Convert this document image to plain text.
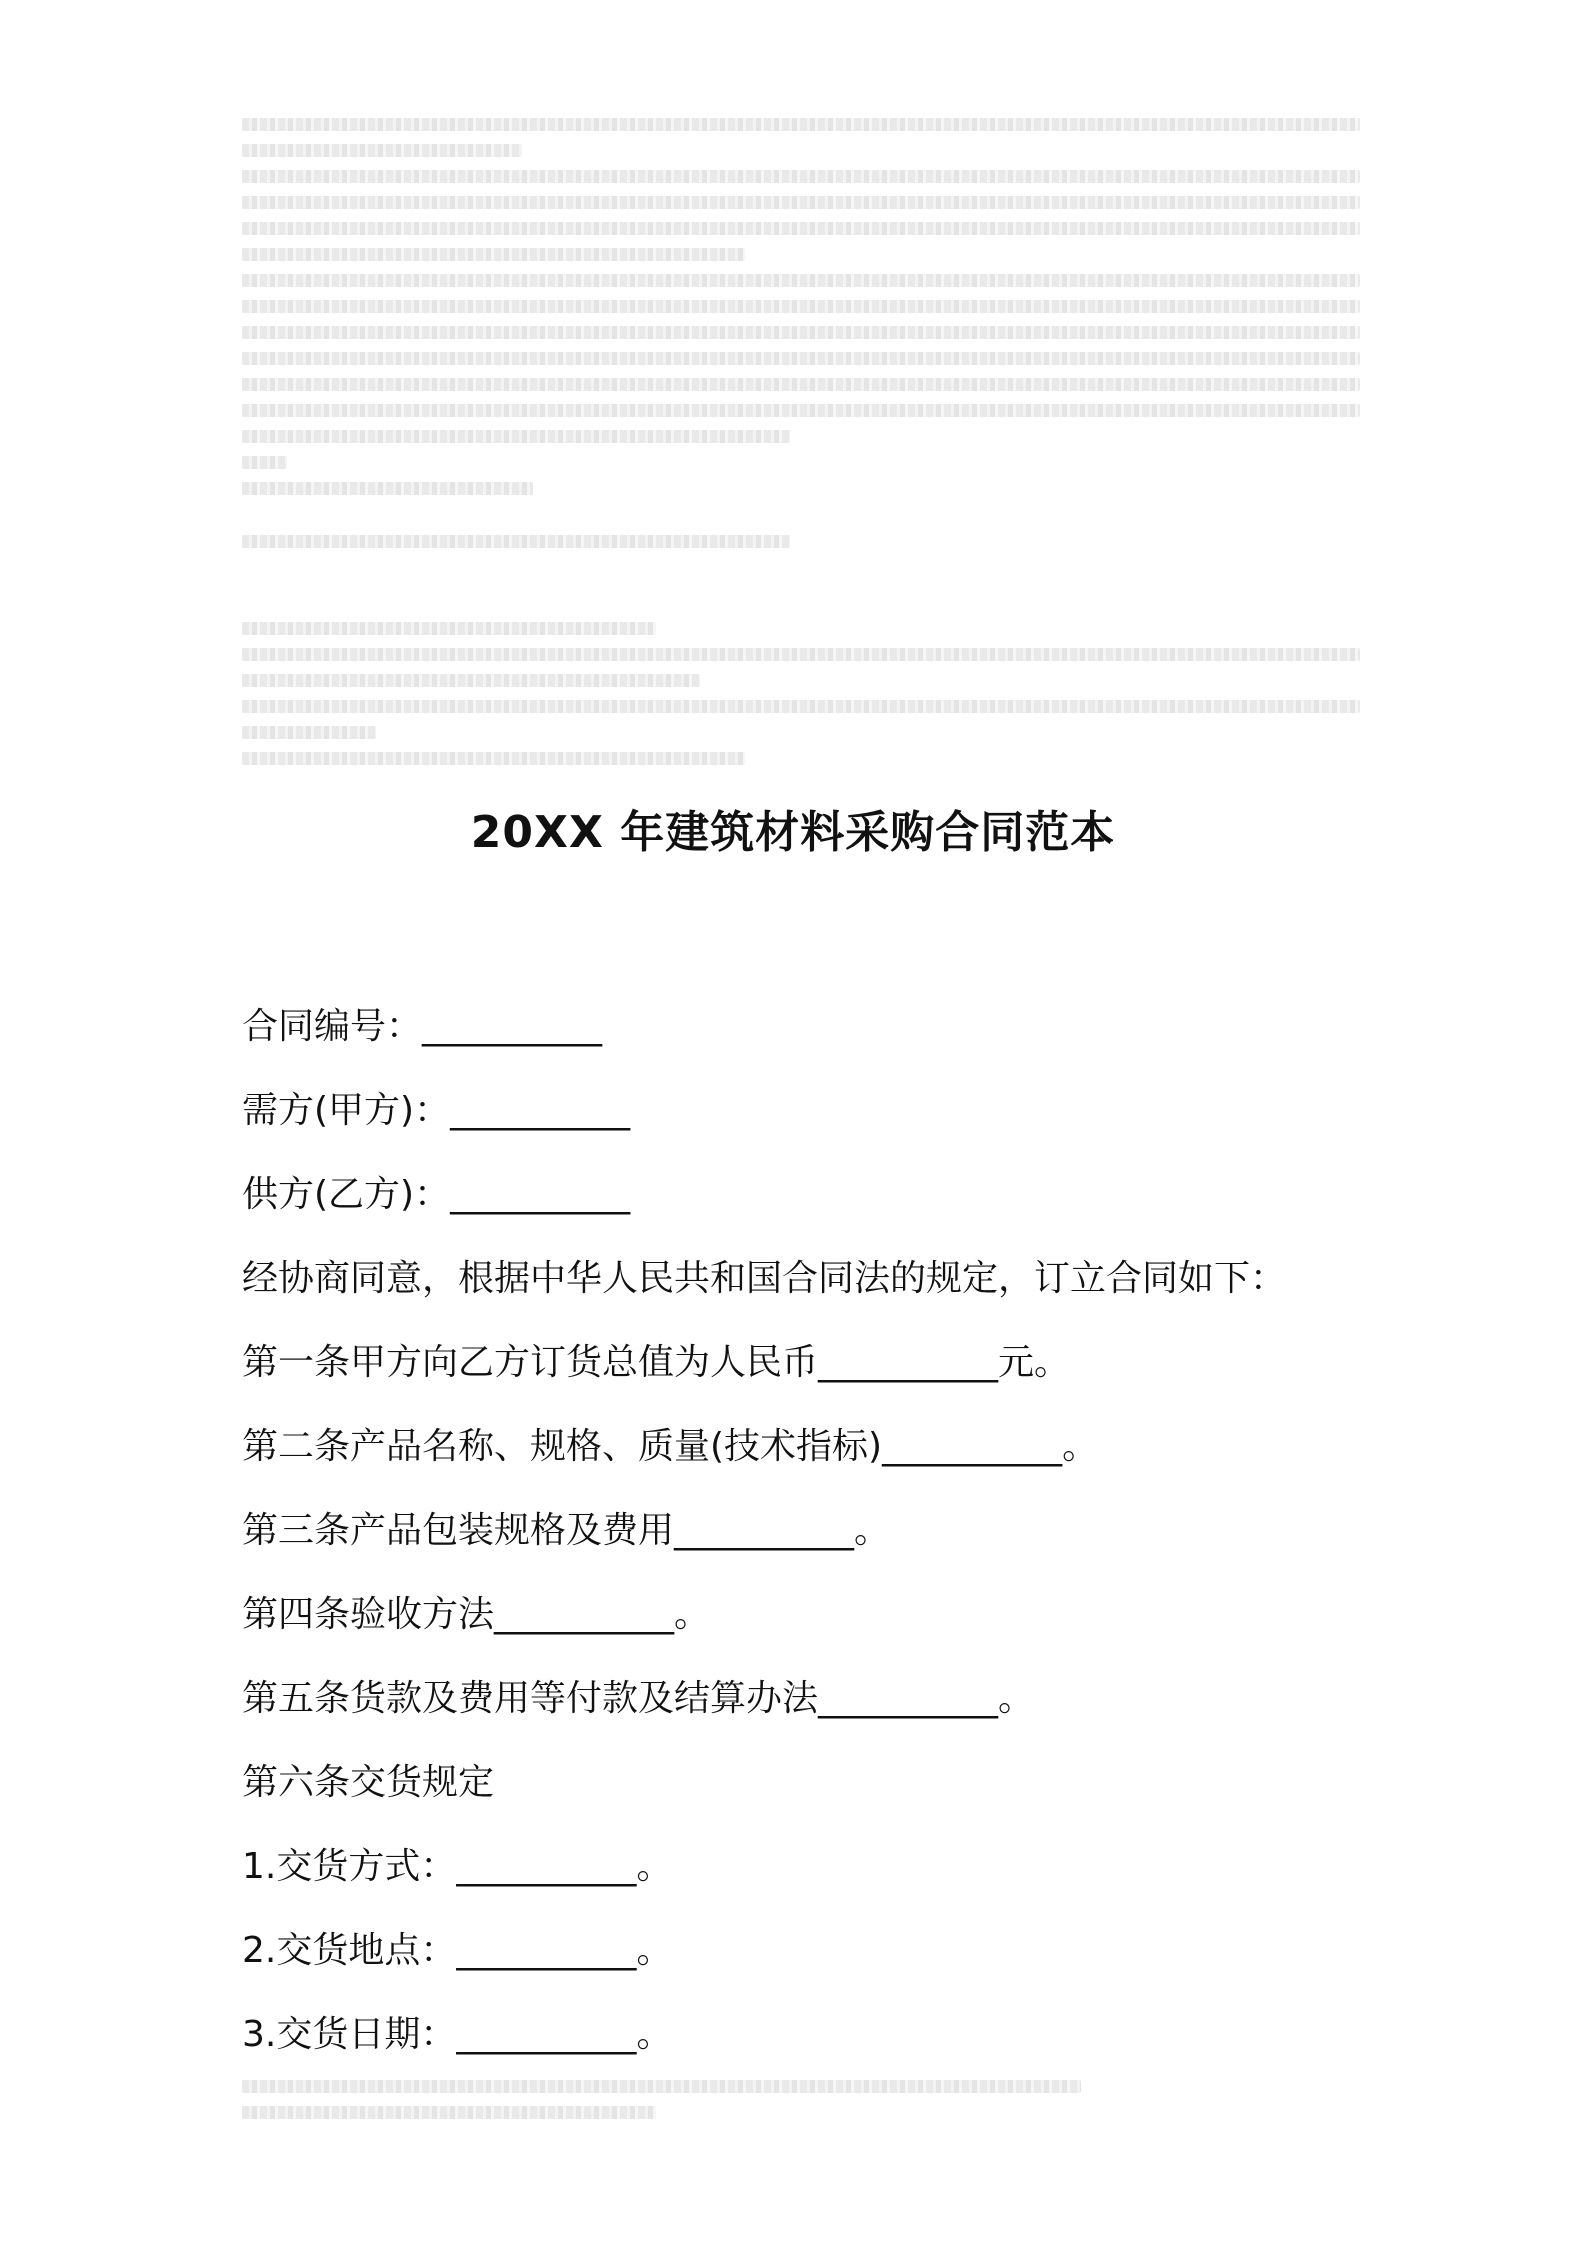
20XX 年建筑材料采购合同范本
合同编号：__________
需方(甲方)：__________
供方(乙方)：__________
经协商同意，根据中华人民共和国合同法的规定，订立合同如下：
第一条甲方向乙方订货总值为人民币__________元。
第二条产品名称、规格、质量(技术指标)__________。
第三条产品包装规格及费用__________。
第四条验收方法__________。
第五条货款及费用等付款及结算办法__________。
第六条交货规定
1.交货方式：__________。
2.交货地点：__________。
3.交货日期：__________。
